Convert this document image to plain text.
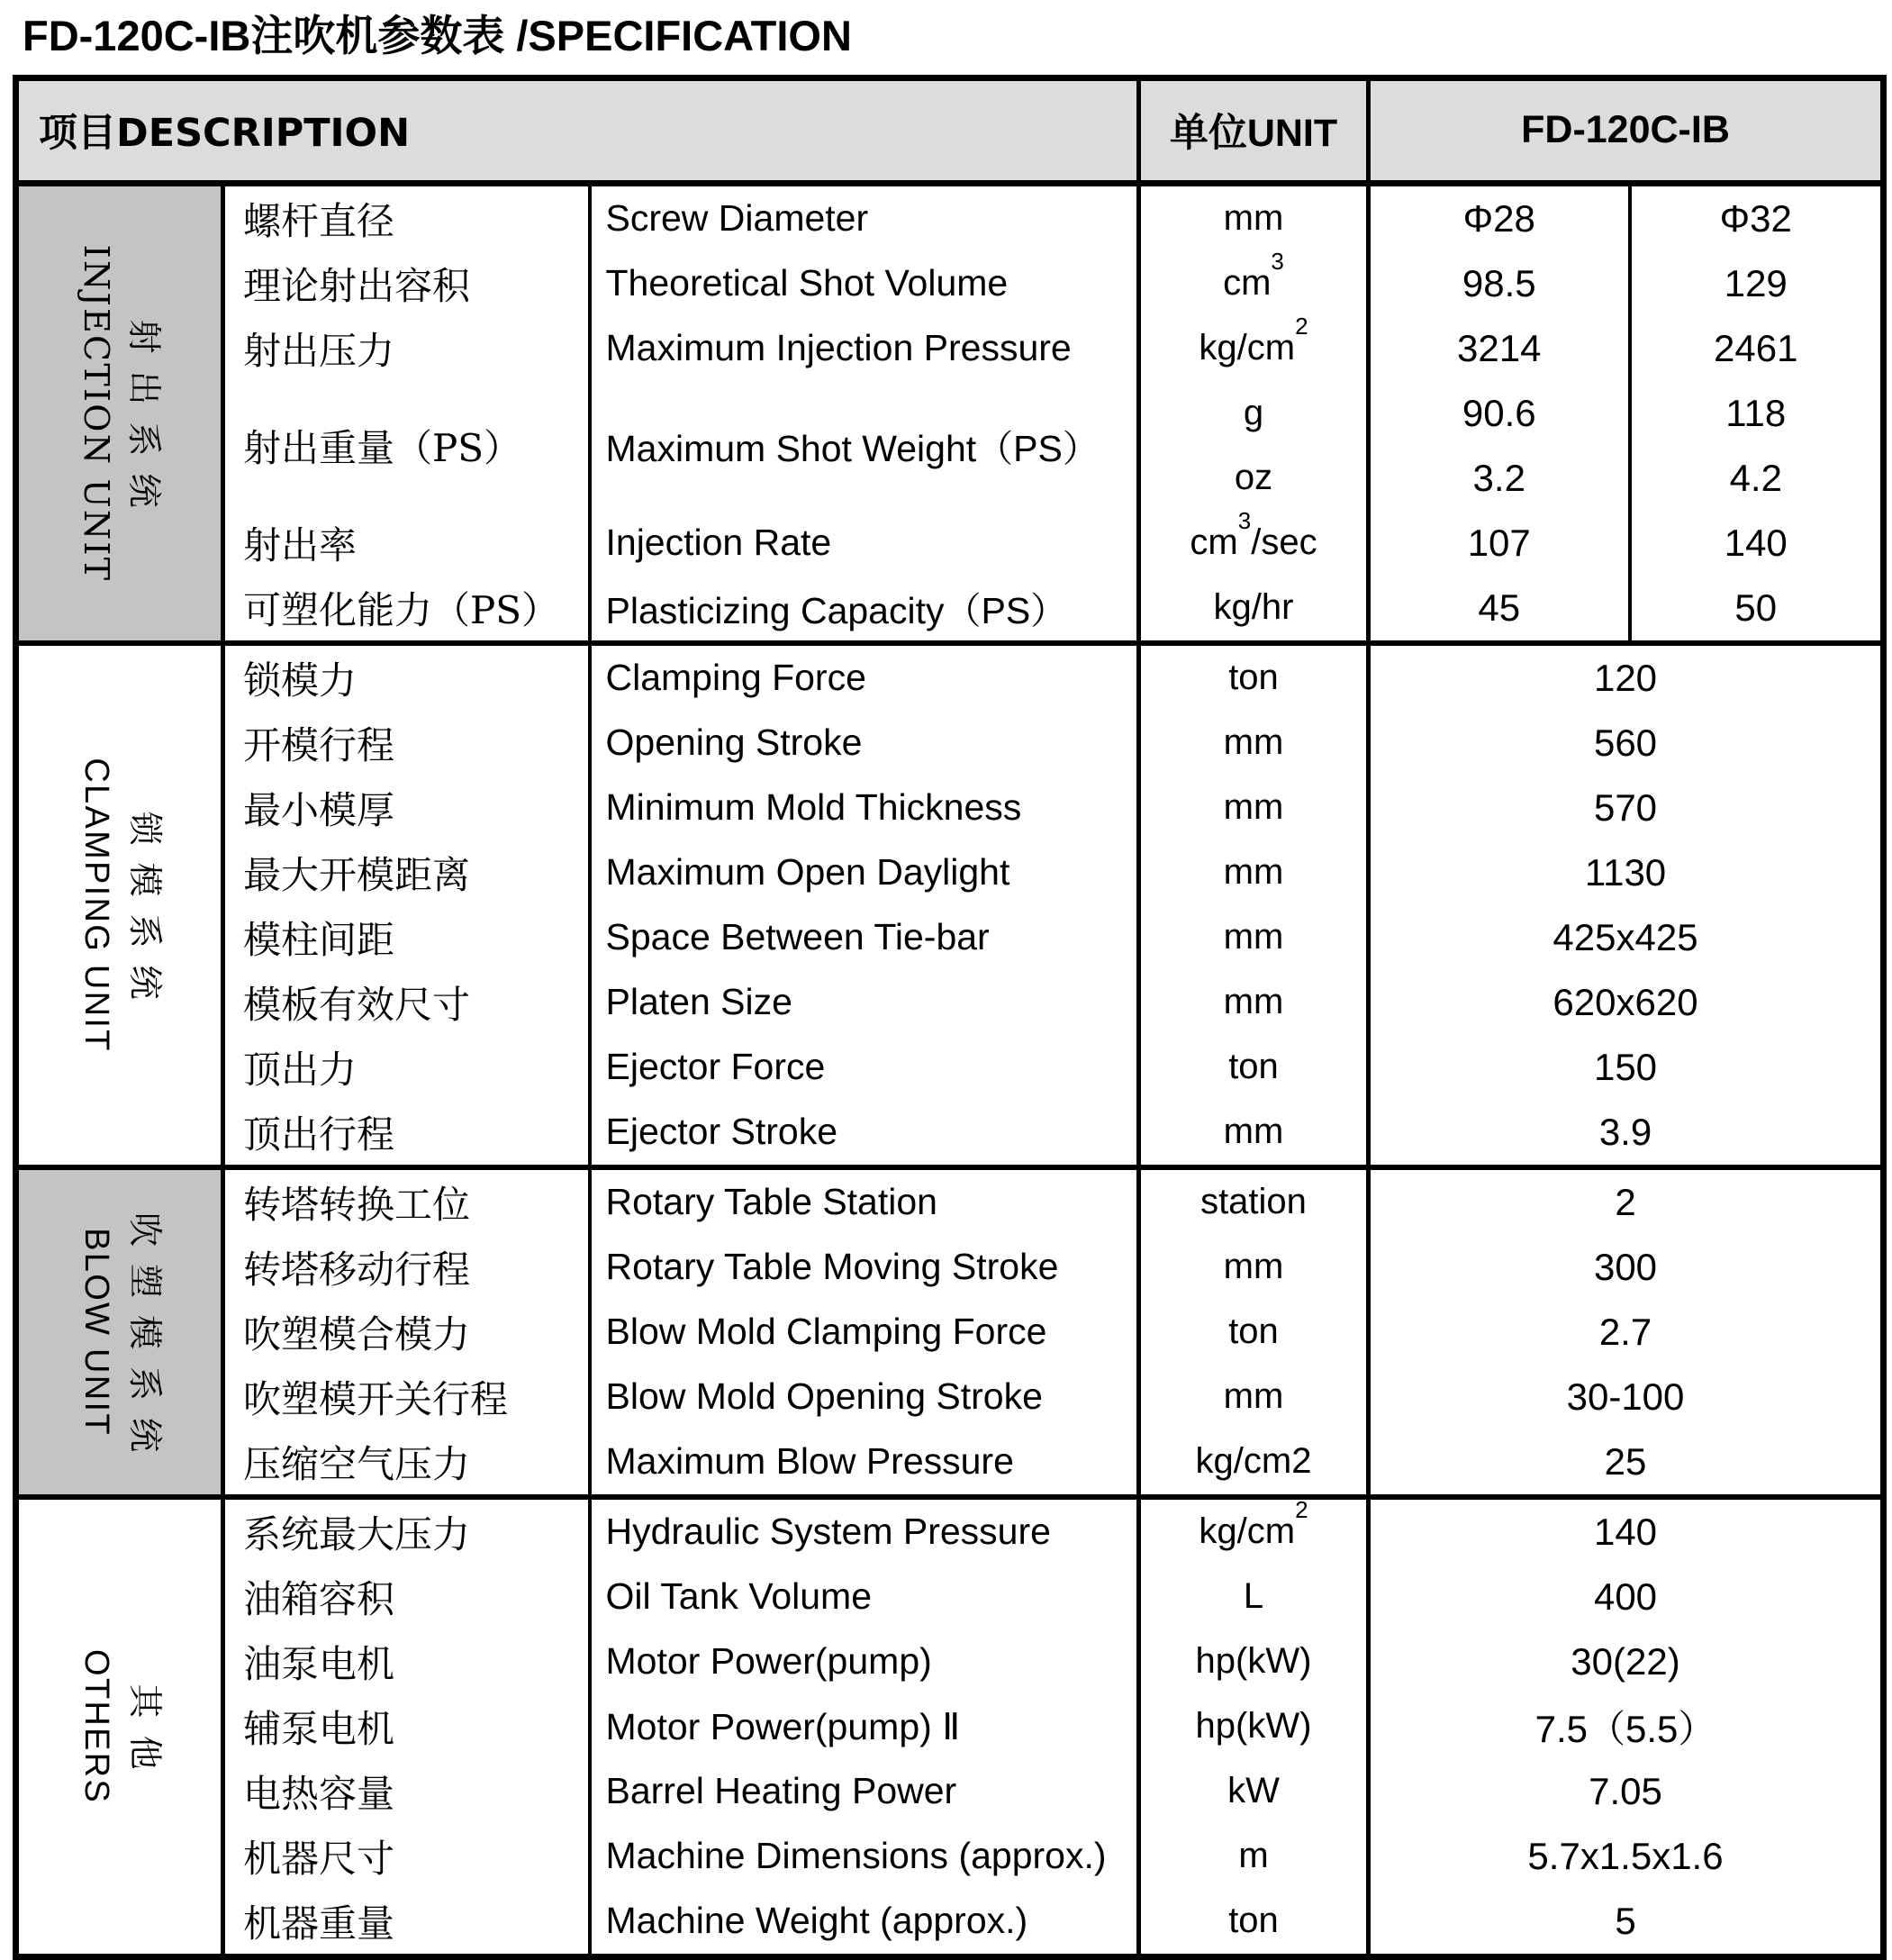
FD-120C-IB注吹机参数表 /SPECIFICATION
项目DESCRIPTION			单位UNIT	FD-120C-IB	

射出系统
INJECTION UNIT	螺杆直径	Screw Diameter	mm	Φ28	Φ32
	理论射出容积	Theoretical Shot Volume	$cm^3$	98.5	129
	射出压力	Maximum Injection Pressure	$kg/cm^2$	3214	2461
	射出重量（PS）	Maximum Shot Weight（PS）	g	90.6	118
			oz	3.2	4.2
	射出率	Injection Rate	$cm^3/\sec$	107	140
	可塑化能力（PS）	Plasticizing Capacity（PS）	kg/hr	45	50

锁模系统
CLAMPING UNIT	锁模力	Clamping Force	ton	120	
	开模行程	Opening Stroke	mm	560	
	最小模厚	Minimum Mold Thickness	mm	570	
	最大开模距离	Maximum Open Daylight	mm	1130	
	模柱间距	Space Between Tie-bar	mm	425x425	
	模板有效尺寸	Platen Size	mm	620x620	
	顶出力	Ejector Force	ton	150	
	顶出行程	Ejector Stroke	mm	3.9	

吹塑模系统
BLOW UNIT	转塔转换工位	Rotary Table Station	station	2	
	转塔移动行程	Rotary Table Moving Stroke	mm	300	
	吹塑模合模力	Blow Mold Clamping Force	ton	2.7	
	吹塑模开关行程	Blow Mold Opening Stroke	mm	30-100	
	压缩空气压力	Maximum Blow Pressure	kg/cm2	25	

其他
OTHERS	系统最大压力	Hydraulic System Pressure	$kg/cm^2$	140	
	油箱容积	Oil Tank Volume	L	400	
	油泵电机	Motor Power(pump)	hp(kW)	30(22)	
	辅泵电机	Motor Power(pump) Ⅱ	hp(kW)	7.5（5.5）	
	电热容量	Barrel Heating Power	kW	7.05	
	机器尺寸	Machine Dimensions (approx.)	m	5.7x1.5x1.6	
	机器重量	Machine Weight (approx.)	ton	5	
